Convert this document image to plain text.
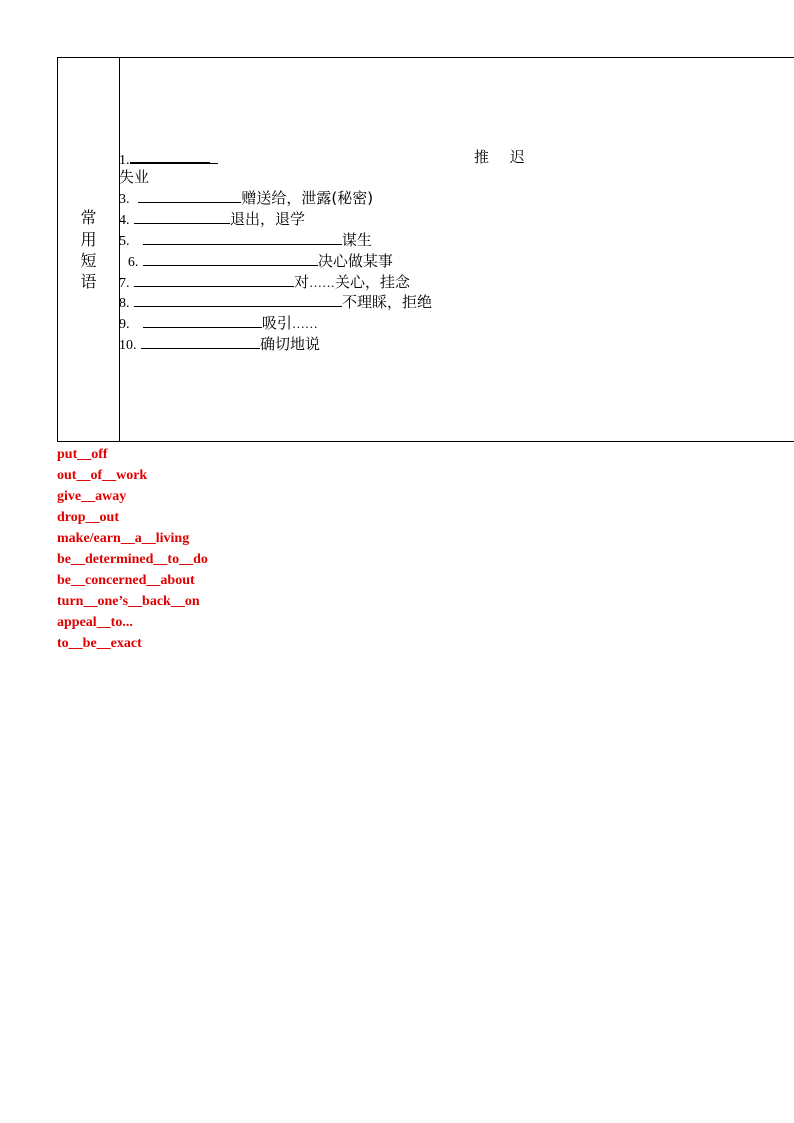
常
用
短
语
1.	推 迟
失业
3.	赠送给，泄露(秘密)
4.	退出，退学
5.	谋生
6.	决心做某事
7.	对……关心，挂念
8.	不理睬，拒绝
9.	吸引……
10.	确切地说
put__off
out__of__work
give__away
drop__out
make/earn__a__living
be__determined__to__do
be__concerned__about
turn__one’s__back__on
appeal__to...
to__be__exact
